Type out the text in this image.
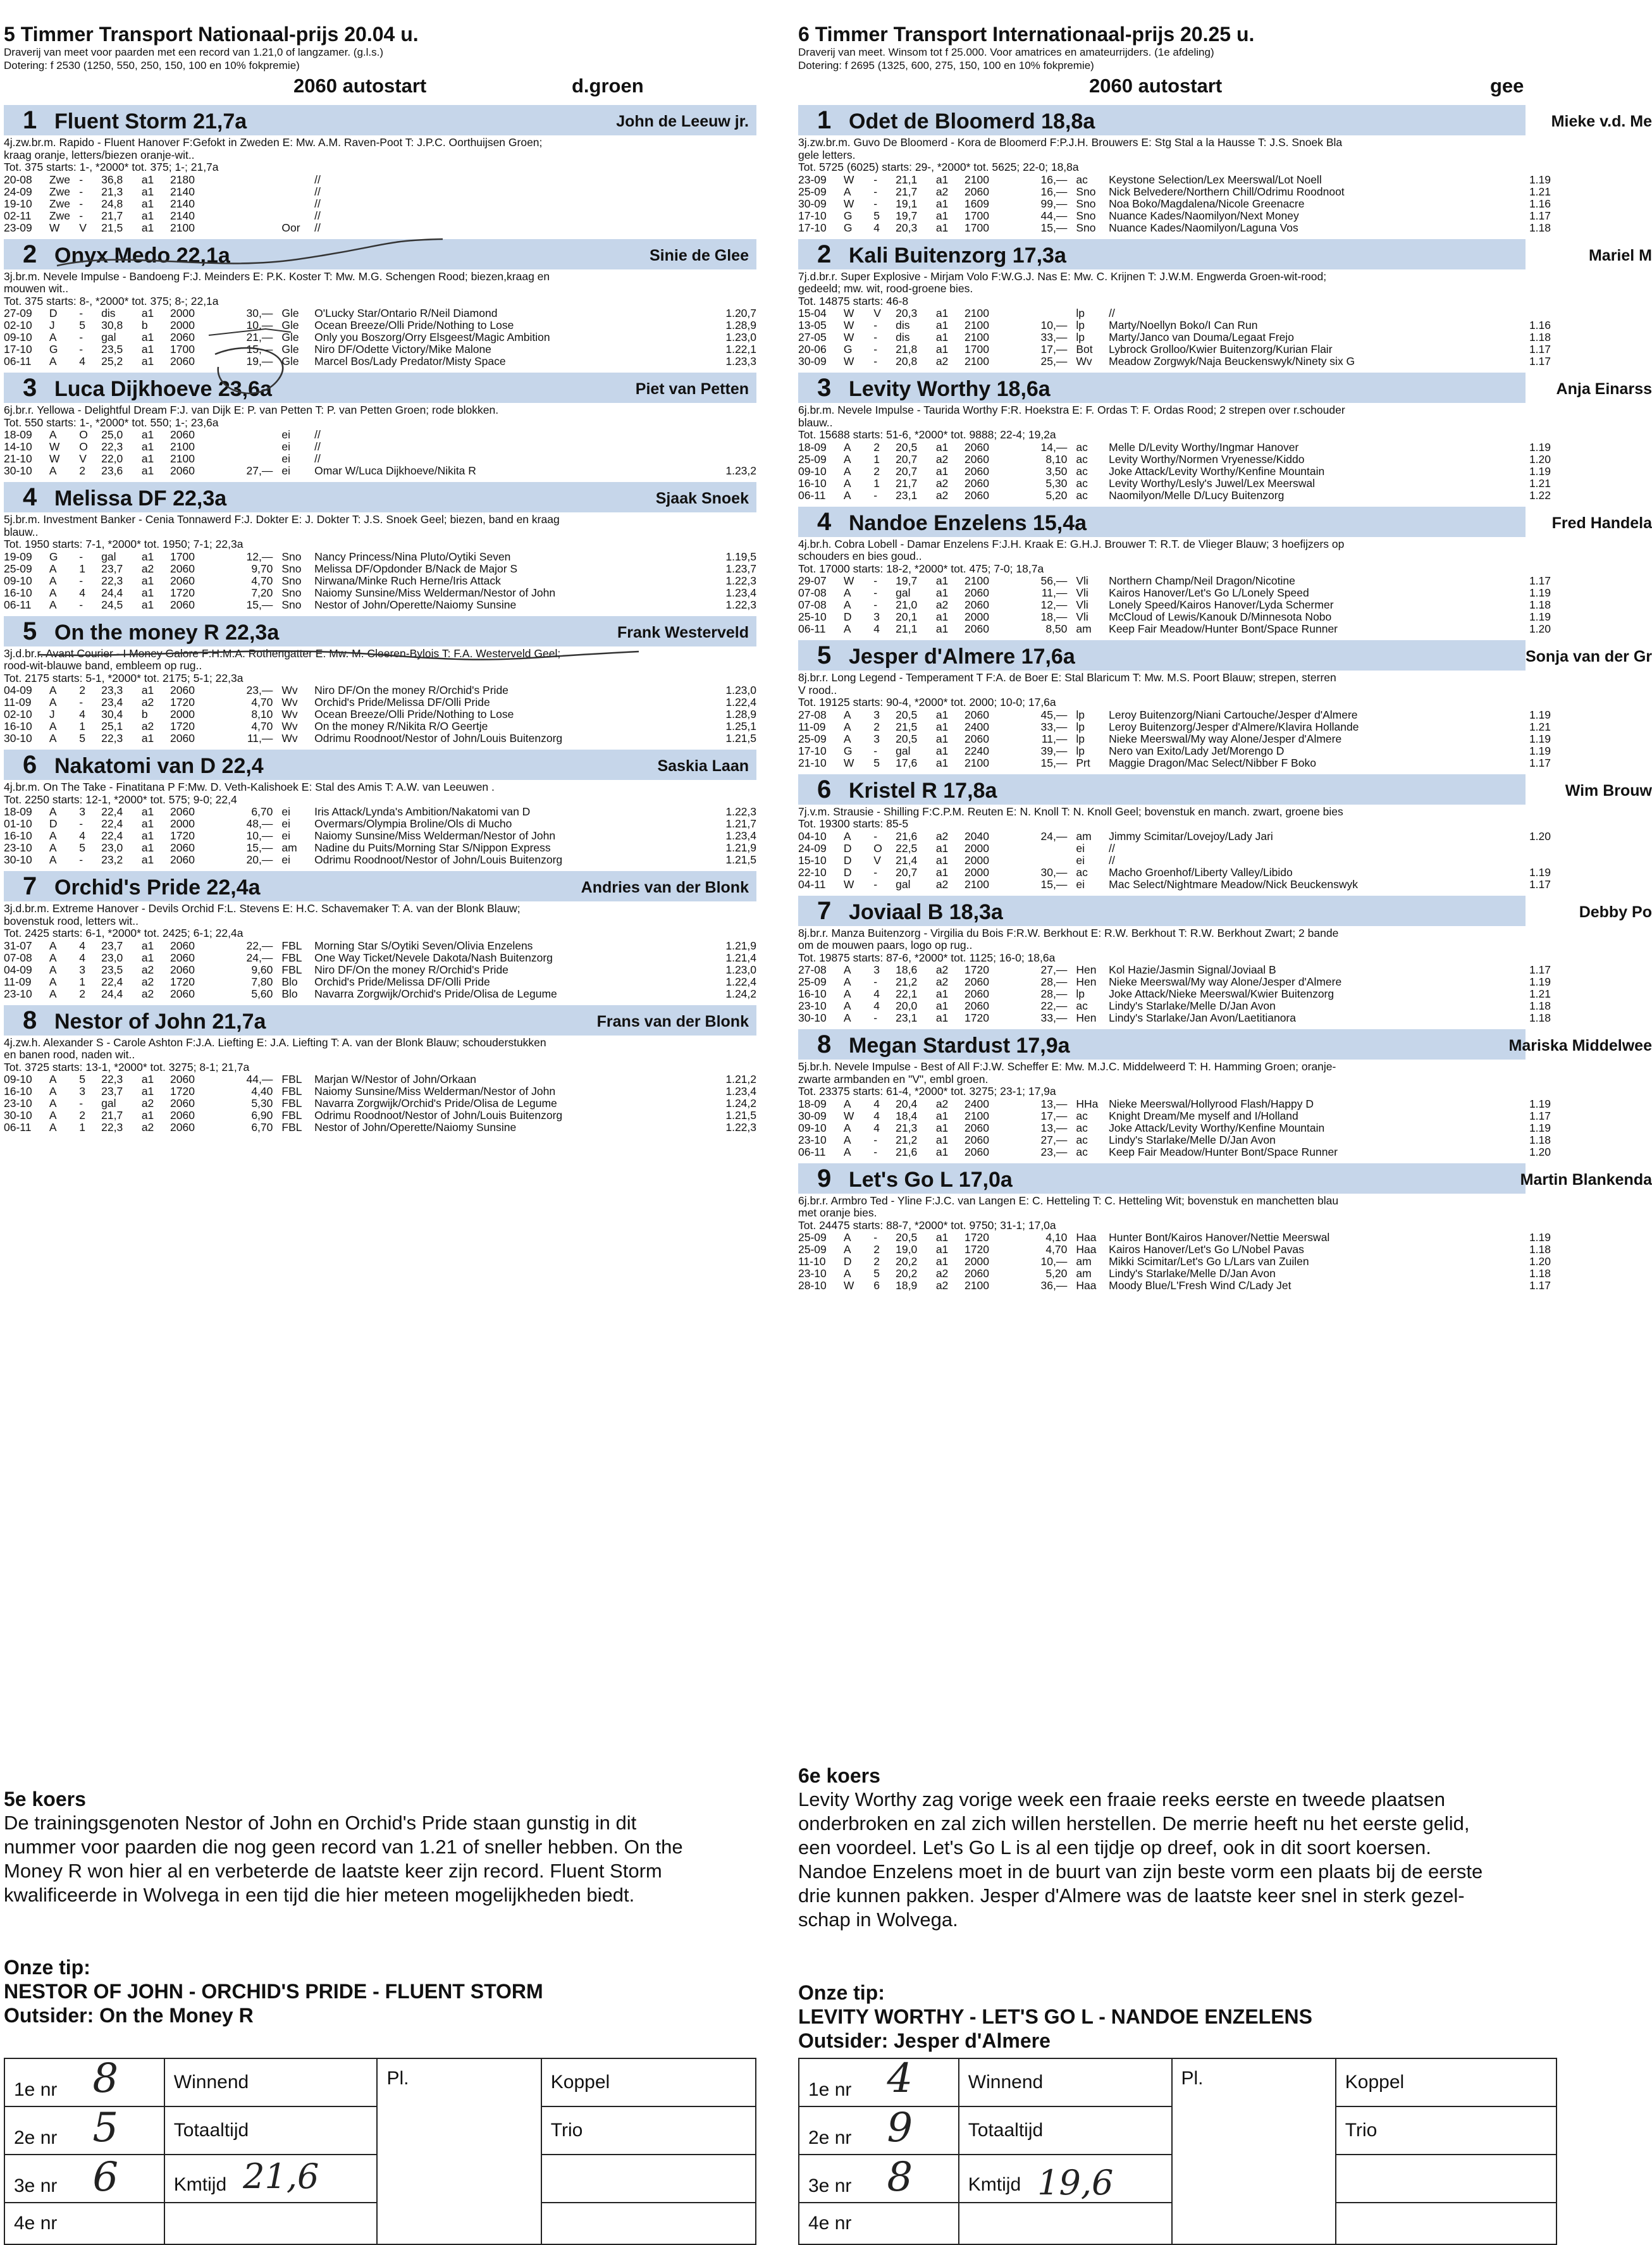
5 Timmer Transport Nationaal-prijs 20.04 u.
Draverij van meet voor paarden met een record van 1.21,0 of langzamer. (g.l.s.)
Dotering: f 2530 (1250, 550, 250, 150, 100 en 10% fokpremie)
2060 autostart	d.groen
1 Fluent Storm 21,7a	John de Leeuw jr.
4j.zw.br.m. Rapido - Fluent Hanover F:Gefokt in Zweden E: Mw. A.M. Raven-Poot T: J.P.C. Oorthuijsen Groen;
kraag oranje, letters/biezen oranje-wit..
Tot. 375 starts: 1-, *2000* tot. 375; 1-; 21,7a
20-08	Zwe	-	36,8	a1	2180			//	
24-09	Zwe	-	21,3	a1	2140			//	
19-10	Zwe	-	24,8	a1	2140			//	
02-11	Zwe	-	21,7	a1	2140			//	
23-09	W	V	21,5	a1	2100		Oor	//	
2 Onyx Medo 22,1a	Sinie de Glee
3j.br.m. Nevele Impulse - Bandoeng F:J. Meinders E: P.K. Koster T: Mw. M.G. Schengen Rood; biezen,kraag en
mouwen wit..
Tot. 375 starts: 8-, *2000* tot. 375; 8-; 22,1a
27-09	D	-	dis	a1	2000	30,—	Gle	O'Lucky Star/Ontario R/Neil Diamond	1.20,7
02-10	J	5	30,8	b	2000	10,—	Gle	Ocean Breeze/Olli Pride/Nothing to Lose	1.28,9
09-10	A	-	gal	a1	2060	21,—	Gle	Only you Boszorg/Orry Elsgeest/Magic Ambition	1.23,0
17-10	G	-	23,5	a1	1700	15,—	Gle	Niro DF/Odette Victory/Mike Malone	1.22,1
06-11	A	4	25,2	a1	2060	19,—	Gle	Marcel Bos/Lady Predator/Misty Space	1.23,3
3 Luca Dijkhoeve 23,6a	Piet van Petten
6j.br.r. Yellowa - Delightful Dream F:J. van Dijk E: P. van Petten T: P. van Petten Groen; rode blokken.
Tot. 550 starts: 1-, *2000* tot. 550; 1-; 23,6a
18-09	A	O	25,0	a1	2060		ei	//	
14-10	W	O	22,3	a1	2100		ei	//	
21-10	W	V	22,0	a1	2100		ei	//	
30-10	A	2	23,6	a1	2060	27,—	ei	Omar W/Luca Dijkhoeve/Nikita R	1.23,2
4 Melissa DF 22,3a	Sjaak Snoek
5j.br.m. Investment Banker - Cenia Tonnawerd F:J. Dokter E: J. Dokter T: J.S. Snoek Geel; biezen, band en kraag
blauw..
Tot. 1950 starts: 7-1, *2000* tot. 1950; 7-1; 22,3a
19-09	G	-	gal	a1	1700	12,—	Sno	Nancy Princess/Nina Pluto/Oytiki Seven	1.19,5
25-09	A	1	23,7	a2	2060	9,70	Sno	Melissa DF/Opdonder B/Nack de Major S	1.23,7
09-10	A	-	22,3	a1	2060	4,70	Sno	Nirwana/Minke Ruch Herne/Iris Attack	1.22,3
16-10	A	4	24,4	a1	1720	7,20	Sno	Naiomy Sunsine/Miss Welderman/Nestor of John	1.23,4
06-11	A	-	24,5	a1	2060	15,—	Sno	Nestor of John/Operette/Naiomy Sunsine	1.22,3
5 On the money R 22,3a	Frank Westerveld
3j.d.br.r. Avant Courier - I Money Galore F:H.M.A. Rothengatter E: Mw. M. Cleeren-Bylois T: F.A. Westerveld Geel;
rood-wit-blauwe band, embleem op rug..
Tot. 2175 starts: 5-1, *2000* tot. 2175; 5-1; 22,3a
04-09	A	2	23,3	a1	2060	23,—	Wv	Niro DF/On the money R/Orchid's Pride	1.23,0
11-09	A	-	23,4	a2	1720	4,70	Wv	Orchid's Pride/Melissa DF/Olli Pride	1.22,4
02-10	J	4	30,4	b	2000	8,10	Wv	Ocean Breeze/Olli Pride/Nothing to Lose	1.28,9
16-10	A	1	25,1	a2	1720	4,70	Wv	On the money R/Nikita R/O Geertje	1.25,1
30-10	A	5	22,3	a1	2060	11,—	Wv	Odrimu Roodnoot/Nestor of John/Louis Buitenzorg	1.21,5
6 Nakatomi van D 22,4	Saskia Laan
4j.br.m. On The Take - Finatitana P F:Mw. D. Veth-Kalishoek E: Stal des Amis T: A.W. van Leeuwen .
Tot. 2250 starts: 12-1, *2000* tot. 575; 9-0; 22,4
18-09	A	3	22,4	a1	2060	6,70	ei	Iris Attack/Lynda's Ambition/Nakatomi van D	1.22,3
01-10	D	-	22,4	a1	2000	48,—	ei	Overmars/Olympia Broline/Ols di Mucho	1.21,7
16-10	A	4	22,4	a1	1720	10,—	ei	Naiomy Sunsine/Miss Welderman/Nestor of John	1.23,4
23-10	A	5	23,0	a1	2060	15,—	am	Nadine du Puits/Morning Star S/Nippon Express	1.21,9
30-10	A	-	23,2	a1	2060	20,—	ei	Odrimu Roodnoot/Nestor of John/Louis Buitenzorg	1.21,5
7 Orchid's Pride 22,4a	Andries van der Blonk
3j.d.br.m. Extreme Hanover - Devils Orchid F:L. Stevens E: H.C. Schavemaker T: A. van der Blonk Blauw;
bovenstuk rood, letters wit..
Tot. 2425 starts: 6-1, *2000* tot. 2425; 6-1; 22,4a
31-07	A	4	23,7	a1	2060	22,—	FBL	Morning Star S/Oytiki Seven/Olivia Enzelens	1.21,9
07-08	A	4	23,0	a1	2060	24,—	FBL	One Way Ticket/Nevele Dakota/Nash Buitenzorg	1.21,4
04-09	A	3	23,5	a2	2060	9,60	FBL	Niro DF/On the money R/Orchid's Pride	1.23,0
11-09	A	1	22,4	a2	1720	7,80	Blo	Orchid's Pride/Melissa DF/Olli Pride	1.22,4
23-10	A	2	24,4	a2	2060	5,60	Blo	Navarra Zorgwijk/Orchid's Pride/Olisa de Legume	1.24,2
8 Nestor of John 21,7a	Frans van der Blonk
4j.zw.h. Alexander S - Carole Ashton F:J.A. Liefting E: J.A. Liefting T: A. van der Blonk Blauw; schouderstukken
en banen rood, naden wit..
Tot. 3725 starts: 13-1, *2000* tot. 3275; 8-1; 21,7a
09-10	A	5	22,3	a1	2060	44,—	FBL	Marjan W/Nestor of John/Orkaan	1.21,2
16-10	A	3	23,7	a1	1720	4,40	FBL	Naiomy Sunsine/Miss Welderman/Nestor of John	1.23,4
23-10	A	-	gal	a2	2060	5,30	FBL	Navarra Zorgwijk/Orchid's Pride/Olisa de Legume	1.24,2
30-10	A	2	21,7	a1	2060	6,90	FBL	Odrimu Roodnoot/Nestor of John/Louis Buitenzorg	1.21,5
06-11	A	1	22,3	a2	2060	6,70	FBL	Nestor of John/Operette/Naiomy Sunsine	1.22,3
6 Timmer Transport Internationaal-prijs 20.25 u.
Draverij van meet. Winsom tot f 25.000. Voor amatrices en amateurrijders. (1e afdeling)
Dotering: f 2695 (1325, 600, 275, 150, 100 en 10% fokpremie)
2060 autostart	gee
1 Odet de Bloomerd 18,8a	Mieke v.d. Me
3j.zw.br.m. Guvo De Bloomerd - Kora de Bloomerd F:P.J.H. Brouwers E: Stg Stal a la Hausse T: J.S. Snoek Bla
gele letters.
Tot. 5725 (6025) starts: 29-, *2000* tot. 5625; 22-0; 18,8a
23-09	W	-	21,1	a1	2100	16,—	ac	Keystone Selection/Lex Meerswal/Lot Noell	1.19
25-09	A	-	21,7	a2	2060	16,—	Sno	Nick Belvedere/Northern Chill/Odrimu Roodnoot	1.21
30-09	W	-	19,1	a1	1609	99,—	Sno	Noa Boko/Magdalena/Nicole Greenacre	1.16
17-10	G	5	19,7	a1	1700	44,—	Sno	Nuance Kades/Naomilyon/Next Money	1.17
17-10	G	4	20,3	a1	1700	15,—	Sno	Nuance Kades/Naomilyon/Laguna Vos	1.18
2 Kali Buitenzorg 17,3a	Mariel M
7j.d.br.r. Super Explosive - Mirjam Volo F:W.G.J. Nas E: Mw. C. Krijnen T: J.W.M. Engwerda Groen-wit-rood;
gedeeld; mw. wit, rood-groene bies.
Tot. 14875 starts: 46-8
15-04	W	V	20,3	a1	2100		lp	//	
13-05	W	-	dis	a1	2100	10,—	lp	Marty/Noellyn Boko/I Can Run	1.16
27-05	W	-	dis	a1	2100	33,—	lp	Marty/Janco van Douma/Legaat Frejo	1.18
20-06	G	-	21,8	a1	1700	17,—	Bot	Lybrock Grolloo/Kwier Buitenzorg/Kurian Flair	1.17
30-09	W	-	20,8	a2	2100	25,—	Wv	Meadow Zorgwyk/Naja Beuckenswyk/Ninety six G	1.17
3 Levity Worthy 18,6a	Anja Einarss
6j.br.m. Nevele Impulse - Taurida Worthy F:R. Hoekstra E: F. Ordas T: F. Ordas Rood; 2 strepen over r.schouder
blauw..
Tot. 15688 starts: 51-6, *2000* tot. 9888; 22-4; 19,2a
18-09	A	2	20,5	a1	2060	14,—	ac	Melle D/Levity Worthy/Ingmar Hanover	1.19
25-09	A	1	20,7	a2	2060	8,10	ac	Levity Worthy/Normen Vryenesse/Kiddo	1.20
09-10	A	2	20,7	a1	2060	3,50	ac	Joke Attack/Levity Worthy/Kenfine Mountain	1.19
16-10	A	1	21,7	a2	2060	5,30	ac	Levity Worthy/Lesly's Juwel/Lex Meerswal	1.21
06-11	A	-	23,1	a2	2060	5,20	ac	Naomilyon/Melle D/Lucy Buitenzorg	1.22
4 Nandoe Enzelens 15,4a	Fred Handela
4j.br.h. Cobra Lobell - Damar Enzelens F:J.H. Kraak E: G.H.J. Brouwer T: R.T. de Vlieger Blauw; 3 hoefijzers op
schouders en bies goud..
Tot. 17000 starts: 18-2, *2000* tot. 475; 7-0; 18,7a
29-07	W	-	19,7	a1	2100	56,—	Vli	Northern Champ/Neil Dragon/Nicotine	1.17
07-08	A	-	gal	a1	2060	11,—	Vli	Kairos Hanover/Let's Go L/Lonely Speed	1.19
07-08	A	-	21,0	a2	2060	12,—	Vli	Lonely Speed/Kairos Hanover/Lyda Schermer	1.18
25-10	D	3	20,1	a1	2000	18,—	Vli	McCloud of Lewis/Kanouk D/Minnesota Nobo	1.19
06-11	A	4	21,1	a1	2060	8,50	am	Keep Fair Meadow/Hunter Bont/Space Runner	1.20
5 Jesper d'Almere 17,6a	Sonja van der Gr
8j.br.r. Long Legend - Temperament T F:A. de Boer E: Stal Blaricum T: Mw. M.S. Poort Blauw; strepen, sterren
V rood..
Tot. 19125 starts: 90-4, *2000* tot. 2000; 10-0; 17,6a
27-08	A	3	20,5	a1	2060	45,—	lp	Leroy Buitenzorg/Niani Cartouche/Jesper d'Almere	1.19
11-09	A	2	21,5	a1	2400	33,—	lp	Leroy Buitenzorg/Jesper d'Almere/Klavira Hollande	1.21
25-09	A	3	20,5	a1	2060	11,—	lp	Nieke Meerswal/My way Alone/Jesper d'Almere	1.19
17-10	G	-	gal	a1	2240	39,—	lp	Nero van Exito/Lady Jet/Morengo D	1.19
21-10	W	5	17,6	a1	2100	15,—	Prt	Maggie Dragon/Mac Select/Nibber F Boko	1.17
6 Kristel R 17,8a	Wim Brouw
7j.v.m. Strausie - Shilling F:C.P.M. Reuten E: N. Knoll T: N. Knoll Geel; bovenstuk en manch. zwart, groene bies
Tot. 19300 starts: 85-5
04-10	A	-	21,6	a2	2040	24,—	am	Jimmy Scimitar/Lovejoy/Lady Jari	1.20
24-09	D	O	22,5	a1	2000		ei	//	
15-10	D	V	21,4	a1	2000		ei	//	
22-10	D	-	20,7	a1	2000	30,—	ac	Macho Groenhof/Liberty Valley/Libido	1.19
04-11	W	-	gal	a2	2100	15,—	ei	Mac Select/Nightmare Meadow/Nick Beuckenswyk	1.17
7 Joviaal B 18,3a	Debby Po
8j.br.r. Manza Buitenzorg - Virgilia du Bois F:R.W. Berkhout E: R.W. Berkhout T: R.W. Berkhout Zwart; 2 bande
om de mouwen paars, logo op rug..
Tot. 19875 starts: 87-6, *2000* tot. 1125; 16-0; 18,6a
27-08	A	3	18,6	a2	1720	27,—	Hen	Kol Hazie/Jasmin Signal/Joviaal B	1.17
25-09	A	-	21,2	a2	2060	28,—	Hen	Nieke Meerswal/My way Alone/Jesper d'Almere	1.19
16-10	A	4	22,1	a1	2060	28,—	lp	Joke Attack/Nieke Meerswal/Kwier Buitenzorg	1.21
23-10	A	4	20,0	a1	2060	22,—	ac	Lindy's Starlake/Melle D/Jan Avon	1.18
30-10	A	-	23,1	a1	1720	33,—	Hen	Lindy's Starlake/Jan Avon/Laetitianora	1.18
8 Megan Stardust 17,9a	Mariska Middelwee
5j.br.h. Nevele Impulse - Best of All F:J.W. Scheffer E: Mw. M.J.C. Middelweerd T: H. Hamming Groen; oranje-
zwarte armbanden en "V", embl groen.
Tot. 23375 starts: 61-4, *2000* tot. 3275; 23-1; 17,9a
18-09	A	4	20,4	a2	2400	13,—	HHa	Nieke Meerswal/Hollyrood Flash/Happy D	1.19
30-09	W	4	18,4	a1	2100	17,—	ac	Knight Dream/Me myself and I/Holland	1.17
09-10	A	4	21,3	a1	2060	13,—	ac	Joke Attack/Levity Worthy/Kenfine Mountain	1.19
23-10	A	-	21,2	a1	2060	27,—	ac	Lindy's Starlake/Melle D/Jan Avon	1.18
06-11	A	-	21,6	a1	2060	23,—	ac	Keep Fair Meadow/Hunter Bont/Space Runner	1.20
9 Let's Go L 17,0a	Martin Blankenda
6j.br.r. Armbro Ted - Yline F:J.C. van Langen E: C. Hetteling T: C. Hetteling Wit; bovenstuk en manchetten blau
met oranje bies.
Tot. 24475 starts: 88-7, *2000* tot. 9750; 31-1; 17,0a
25-09	A	-	20,5	a1	1720	4,10	Haa	Hunter Bont/Kairos Hanover/Nettie Meerswal	1.19
25-09	A	2	19,0	a1	1720	4,70	Haa	Kairos Hanover/Let's Go L/Nobel Pavas	1.18
11-10	D	2	20,2	a1	2000	10,—	am	Mikki Scimitar/Let's Go L/Lars van Zuilen	1.20
23-10	A	5	20,2	a2	2060	5,20	am	Lindy's Starlake/Melle D/Jan Avon	1.18
28-10	W	6	18,9	a2	2100	36,—	Haa	Moody Blue/L'Fresh Wind C/Lady Jet	1.17
5e koers
De trainingsgenoten Nestor of John en Orchid's Pride staan gunstig in dit
nummer voor paarden die nog geen record van 1.21 of sneller hebben. On the
Money R won hier al en verbeterde de laatste keer zijn record. Fluent Storm
kwalificeerde in Wolvega in een tijd die hier meteen mogelijkheden biedt.
Onze tip:
NESTOR OF JOHN - ORCHID'S PRIDE - FLUENT STORM
Outsider: On the Money R
6e koers
Levity Worthy zag vorige week een fraaie reeks eerste en tweede plaatsen
onderbroken en zal zich willen herstellen. De merrie heeft nu het eerste gelid,
een voordeel. Let's Go L is al een tijdje op dreef, ook in dit soort koersen.
Nandoe Enzelens moet in de buurt van zijn beste vorm een plaats bij de eerste
drie kunnen pakken. Jesper d'Almere was de laatste keer snel in sterk gezel-
schap in Wolvega.
Onze tip:
LEVITY WORTHY - LET'S GO L - NANDOE ENZELENS
Outsider: Jesper d'Almere
1e nr 8	Winnend	Pl.	Koppel
2e nr 5	Totaaltijd		Trio
3e nr 6	Kmtijd 21,6		
4e nr			
1e nr 4	Winnend	Pl.	Koppel
2e nr 9	Totaaltijd		Trio
3e nr 8	Kmtijd 19,6		
4e nr			
